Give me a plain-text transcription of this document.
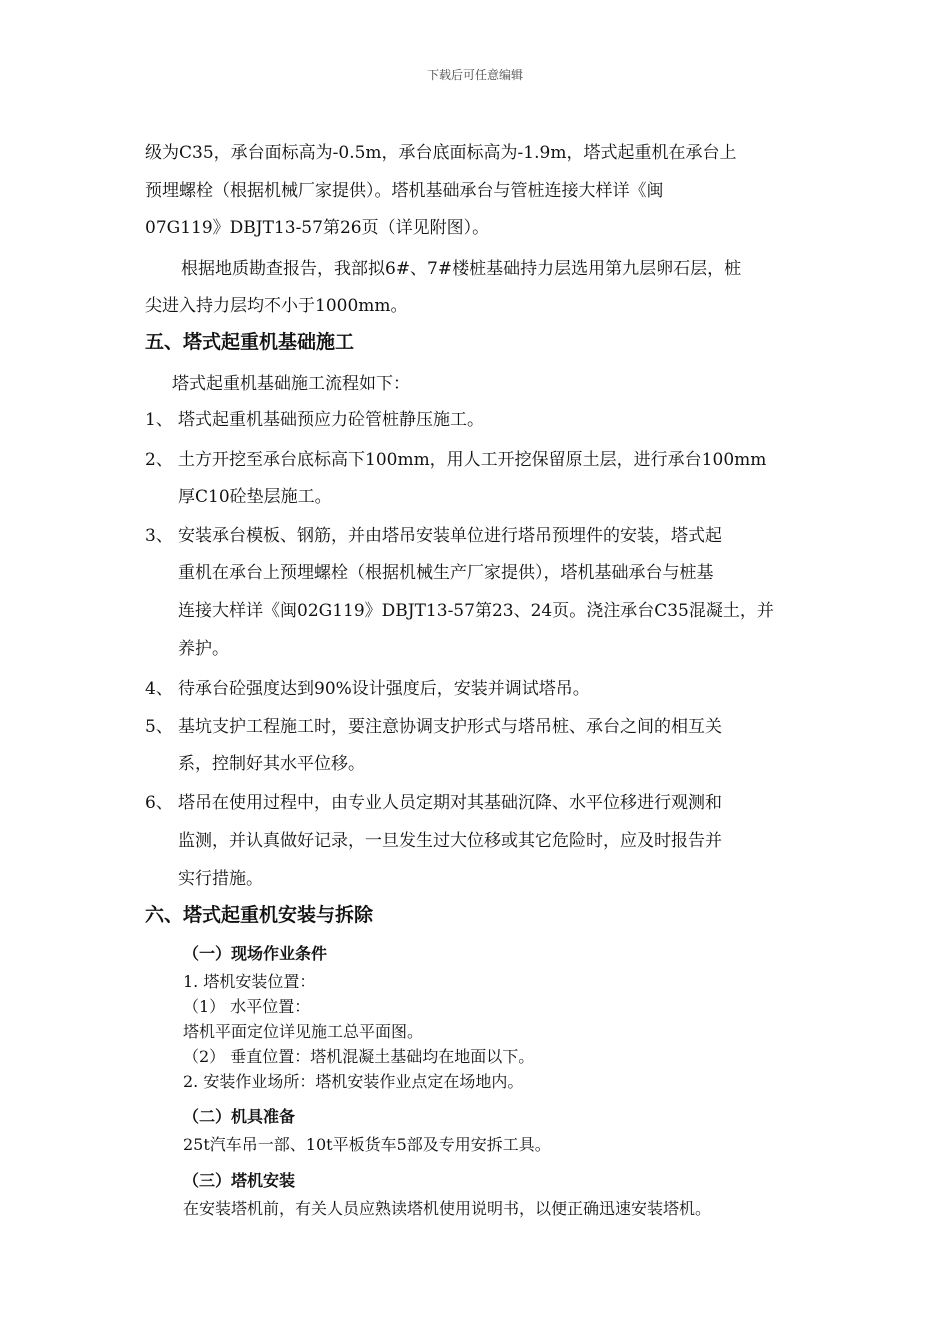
下载后可任意编辑
级为C35，承台面标高为-0.5m，承台底面标高为-1.9m，塔式起重机在承台上
预埋螺栓（根据机械厂家提供）。塔机基础承台与管桩连接大样详《闽
07G119》DBJT13-57第26页（详见附图）。
根据地质勘查报告，我部拟6#、7#楼桩基础持力层选用第九层卵石层，桩
尖进入持力层均不小于1000mm。
五、塔式起重机基础施工
塔式起重机基础施工流程如下：
1、 塔式起重机基础预应力砼管桩静压施工。
2、 土方开挖至承台底标高下100mm，用人工开挖保留原土层，进行承台100mm
厚C10砼垫层施工。
3、 安装承台模板、钢筋，并由塔吊安装单位进行塔吊预埋件的安装，塔式起
重机在承台上预埋螺栓（根据机械生产厂家提供），塔机基础承台与桩基
连接大样详《闽02G119》DBJT13-57第23、24页。浇注承台C35混凝土，并
养护。
4、 待承台砼强度达到90%设计强度后，安装并调试塔吊。
5、 基坑支护工程施工时，要注意协调支护形式与塔吊桩、承台之间的相互关
系，控制好其水平位移。
6、 塔吊在使用过程中，由专业人员定期对其基础沉降、水平位移进行观测和
监测，并认真做好记录，一旦发生过大位移或其它危险时，应及时报告并
实行措施。
六、塔式起重机安装与拆除
（一）现场作业条件
1. 塔机安装位置：
（1） 水平位置：
塔机平面定位详见施工总平面图。
（2） 垂直位置：塔机混凝土基础均在地面以下。
2. 安装作业场所：塔机安装作业点定在场地内。
（二）机具准备
25t汽车吊一部、10t平板货车5部及专用安拆工具。
（三）塔机安装
在安装塔机前，有关人员应熟读塔机使用说明书，以便正确迅速安装塔机。
